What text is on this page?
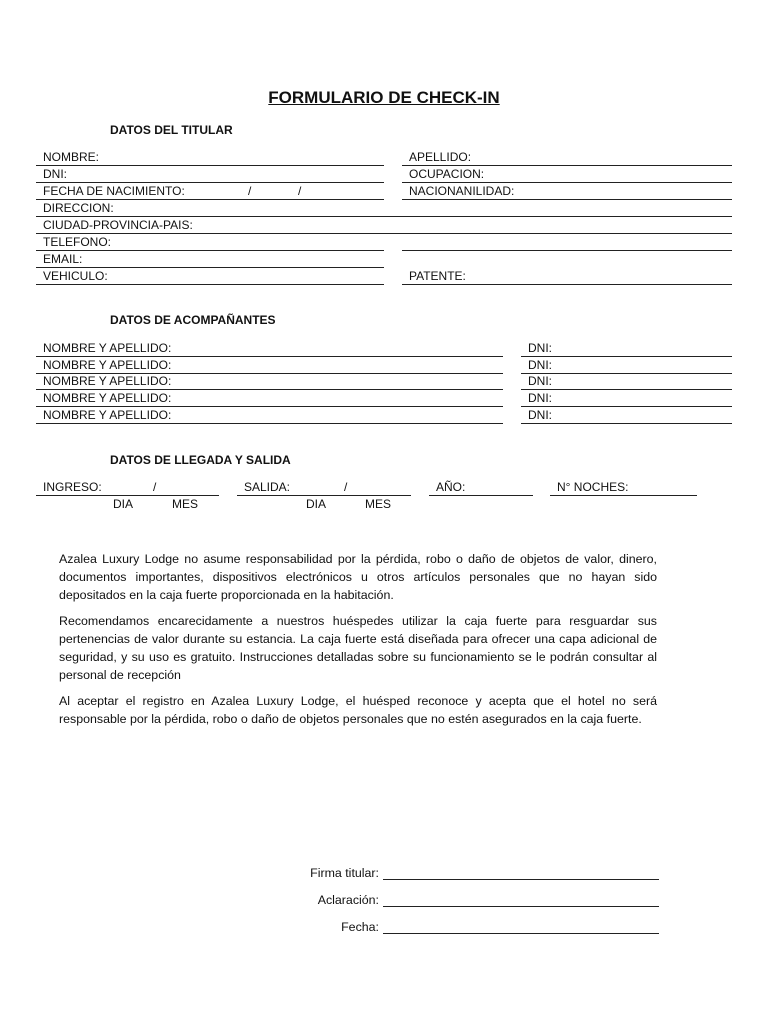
FORMULARIO DE CHECK-IN
DATOS DEL TITULAR
NOMBRE:	APELLIDO:
DNI:	OCUPACION:
FECHA DE NACIMIENTO:	/	/	NACIONANILIDAD:
DIRECCION:
CIUDAD-PROVINCIA-PAIS:
TELEFONO:
EMAIL:
VEHICULO:	PATENTE:
DATOS DE ACOMPAÑANTES
NOMBRE Y APELLIDO:	DNI:
NOMBRE Y APELLIDO:	DNI:
NOMBRE Y APELLIDO:	DNI:
NOMBRE Y APELLIDO:	DNI:
NOMBRE Y APELLIDO:	DNI:
DATOS DE LLEGADA Y SALIDA
INGRESO:	/	SALIDA:	/	AÑO:	N° NOCHES:
DIA	MES	DIA	MES
Azalea Luxury Lodge no asume responsabilidad por la pérdida, robo o daño de objetos de valor, dinero, documentos importantes, dispositivos electrónicos u otros artículos personales que no hayan sido depositados en la caja fuerte proporcionada en la habitación.
Recomendamos encarecidamente a nuestros huéspedes utilizar la caja fuerte para resguardar sus pertenencias de valor durante su estancia. La caja fuerte está diseñada para ofrecer una capa adicional de seguridad, y su uso es gratuito. Instrucciones detalladas sobre su funcionamiento se le podrán consultar al personal de recepción
Al aceptar el registro en Azalea Luxury Lodge, el huésped reconoce y acepta que el hotel no será responsable por la pérdida, robo o daño de objetos personales que no estén asegurados en la caja fuerte.
Firma titular:
Aclaración:
Fecha:
